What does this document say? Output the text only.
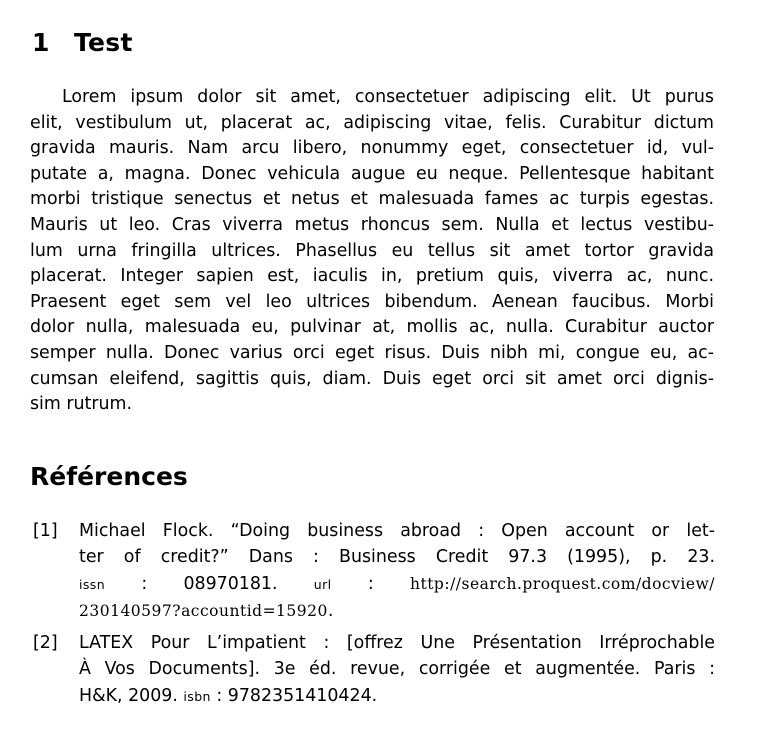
1 Test

Lorem ipsum dolor sit amet, consectetuer adipiscing elit. Ut purus
elit, vestibulum ut, placerat ac, adipiscing vitae, felis. Curabitur dictum
gravida mauris. Nam arcu libero, nonummy eget, consectetuer id, vul-
putate a, magna. Donec vehicula augue eu neque. Pellentesque habitant
morbi tristique senectus et netus et malesuada fames ac turpis egestas.
Mauris ut leo. Cras viverra metus rhoncus sem. Nulla et lectus vestibu-
lum urna fringilla ultrices. Phasellus eu tellus sit amet tortor gravida
placerat. Integer sapien est, iaculis in, pretium quis, viverra ac, nunc.
Praesent eget sem vel leo ultrices bibendum. Aenean faucibus. Morbi
dolor nulla, malesuada eu, pulvinar at, mollis ac, nulla. Curabitur auctor
semper nulla. Donec varius orci eget risus. Duis nibh mi, congue eu, ac-
cumsan eleifend, sagittis quis, diam. Duis eget orci sit amet orci dignis-
sim rutrum.

Références
[1] Michael Flock. “Doing business abroad : Open account or let-
ter of credit?” Dans : Business Credit 97.3 (1995), p. 23.
issn : 08970181. url : http://search.proquest.com/docview/
230140597?accountid=15920.
[2] LATEX Pour L’impatient : [offrez Une Présentation Irréprochable
À Vos Documents]. 3e éd. revue, corrigée et augmentée. Paris :
H&K, 2009. isbn : 9782351410424.
